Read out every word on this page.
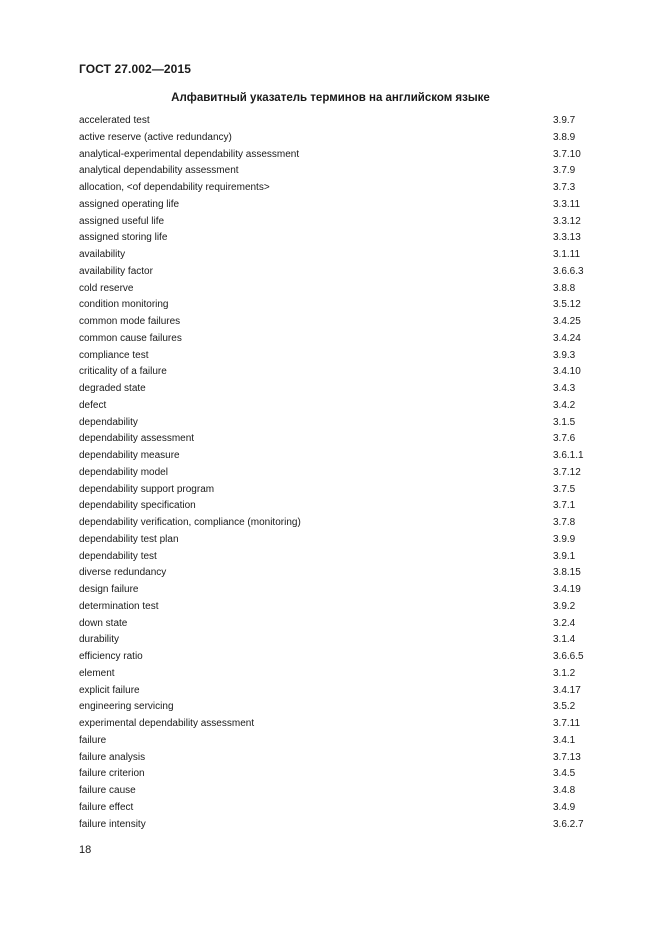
ГОСТ 27.002—2015
Алфавитный указатель терминов на английском языке
accelerated test	3.9.7
active reserve (active redundancy)	3.8.9
analytical-experimental dependability assessment	3.7.10
analytical dependability assessment	3.7.9
allocation, <of dependability requirements>	3.7.3
assigned operating life	3.3.11
assigned useful life	3.3.12
assigned storing life	3.3.13
availability	3.1.11
availability factor	3.6.6.3
cold reserve	3.8.8
condition monitoring	3.5.12
common mode failures	3.4.25
common cause failures	3.4.24
compliance test	3.9.3
criticality of a failure	3.4.10
degraded state	3.4.3
defect	3.4.2
dependability	3.1.5
dependability assessment	3.7.6
dependability measure	3.6.1.1
dependability model	3.7.12
dependability support program	3.7.5
dependability specification	3.7.1
dependability verification, compliance (monitoring)	3.7.8
dependability test plan	3.9.9
dependability test	3.9.1
diverse redundancy	3.8.15
design failure	3.4.19
determination test	3.9.2
down state	3.2.4
durability	3.1.4
efficiency ratio	3.6.6.5
element	3.1.2
explicit failure	3.4.17
engineering servicing	3.5.2
experimental dependability assessment	3.7.11
failure	3.4.1
failure analysis	3.7.13
failure criterion	3.4.5
failure cause	3.4.8
failure effect	3.4.9
failure intensity	3.6.2.7
18
